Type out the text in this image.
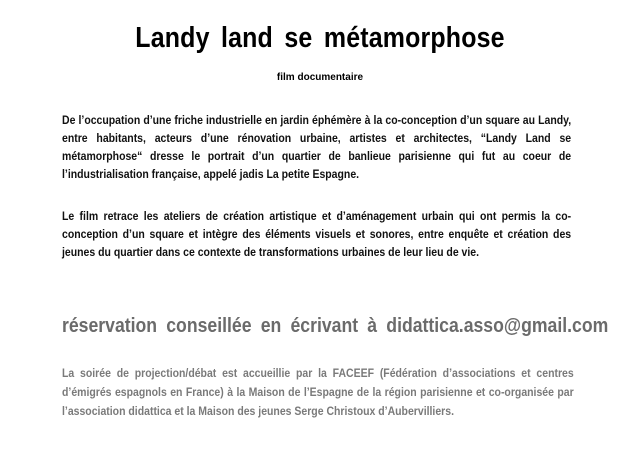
Landy land se métamorphose
film documentaire
De l’occupation d’une friche industrielle en jardin éphémère à la co-conception d’un square au Landy, entre habitants, acteurs d’une rénovation urbaine, artistes et architectes, “Landy Land se métamorphose“ dresse le portrait d’un quartier de banlieue parisienne qui fut au coeur de l’industrialisation française, appelé jadis La petite Espagne.
Le film retrace les ateliers de création artistique et d’aménagement urbain qui ont permis la co-conception d’un square et intègre des éléments visuels et sonores, entre enquête et création des jeunes du quartier dans ce contexte de transformations urbaines de leur lieu de vie.
réservation conseillée en écrivant à didattica.asso@gmail.com
La soirée de projection/débat est accueillie par la FACEEF (Fédération d’associations et centres d’émigrés espagnols en France) à la Maison de l’Espagne de la région parisienne et co-organisée par l’association didattica et la Maison des jeunes Serge Christoux d’Aubervilliers.
